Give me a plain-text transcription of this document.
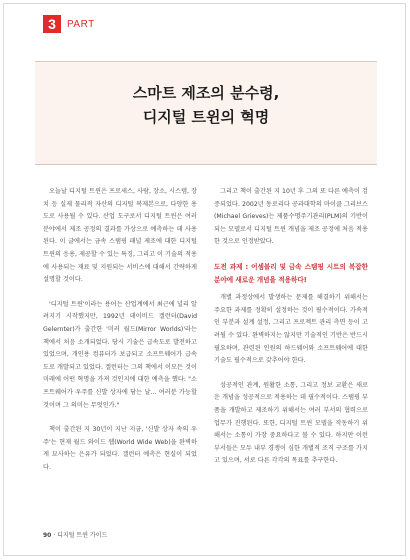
3	PART
스마트 제조의 분수령,
디지털 트윈의 혁명

오늘날 디지털 트윈은 프로세스, 사람, 장소, 시스템, 장치 등 실제 물리적 자산의 디지털 복제본으로, 다양한 용도로 사용될 수 있다. 산업 도구로서 디지털 트윈은 여러 분야에서 제조 공정의 결과를 가상으로 예측하는 데 사용된다. 이 글에서는 금속 스탬핑 패널 제조에 대한 디지털 트윈의 응용, 제공할 수 있는 특징, 그리고 이 기술의 적용에 사용되는 재료 및 지원되는 서비스에 대해서 간략하게 설명할 것이다.

'디지털 트윈'이라는 용어는 산업계에서 최근에 널리 알려지기 시작했지만, 1992년 데이비드 겔런터(David Gelernter)가 출간한 '미러 월드(Mirror Worlds)'라는 책에서 처음 소개되었다. 당시 기술은 급속도로 발전하고 있었으며, 개인용 컴퓨터가 보급되고 소프트웨어가 급속도로 개발되고 있었다. 겔런터는 그의 책에서 이모든 것이 미래에 어떤 혁명을 가져 것인지에 대한 예측을 했다: "소프트웨어가 우주를 신발 상자에 담는 날... 여러분 가능할 것이며 그 의미는 무엇인가."

책이 출간된 지 30년이 지난 지금, '신발 상자 속의 우주'는 현재 월드 와이드 웹(World Wide Web)을 완벽하게 묘사하는 은유가 되었다. 겔런터 예측은 현실이 되었다.

그리고 책이 출간된 지 10년 후 그의 또 다른 예측이 검증되었다. 2002년 동로리다 공과대학의 마이클 그리브스(Michael Grieves)는 제품수명주기관리(PLM)의 기반이 되는 모델로서 디지털 트윈 개념을 제조 공정에 처음 적용한 것으로 인정받았다.

도전 과제 : 어셈블리 및 금속 스탬핑 시트의 복잡한 분야에 새로운 개념을 적용하다!

개별 과정상에서 발생하는 문제를 해결하기 위해서는 주요한 과제를 정확히 설정하는 것이 필수적이다. 가속적인 부분과 설계 설정, 그리고 프로젝트 관리 측면 등이 고려될 수 있다. 완벽하지는 않지만 기술적인 기반은 반드시 필요하며, 관련된 인원의 하드웨어와 소프트웨어에 대한 기술도 필수적으로 갖추어야 한다.

성공적인 관계, 원활한 소통, 그리고 정보 교환은 새로운 개념을 성공적으로 적용하는 데 필수적이다. 스탬핑 부품을 개발하고 제조하기 위해서는 여러 부서의 협력으로 업무가 진행된다. 또한, 디지털 트윈 모델을 작동하기 위해서는 소통이 가장 중요하다고 볼 수 있다. 하지만 이런 부서들은 모두 내부 경쟁이 심한 개별적 조직 구조를 가지고 있으며, 서로 다른 각각의 목표를 추구한다.

90 · 디지털 트윈 가이드
